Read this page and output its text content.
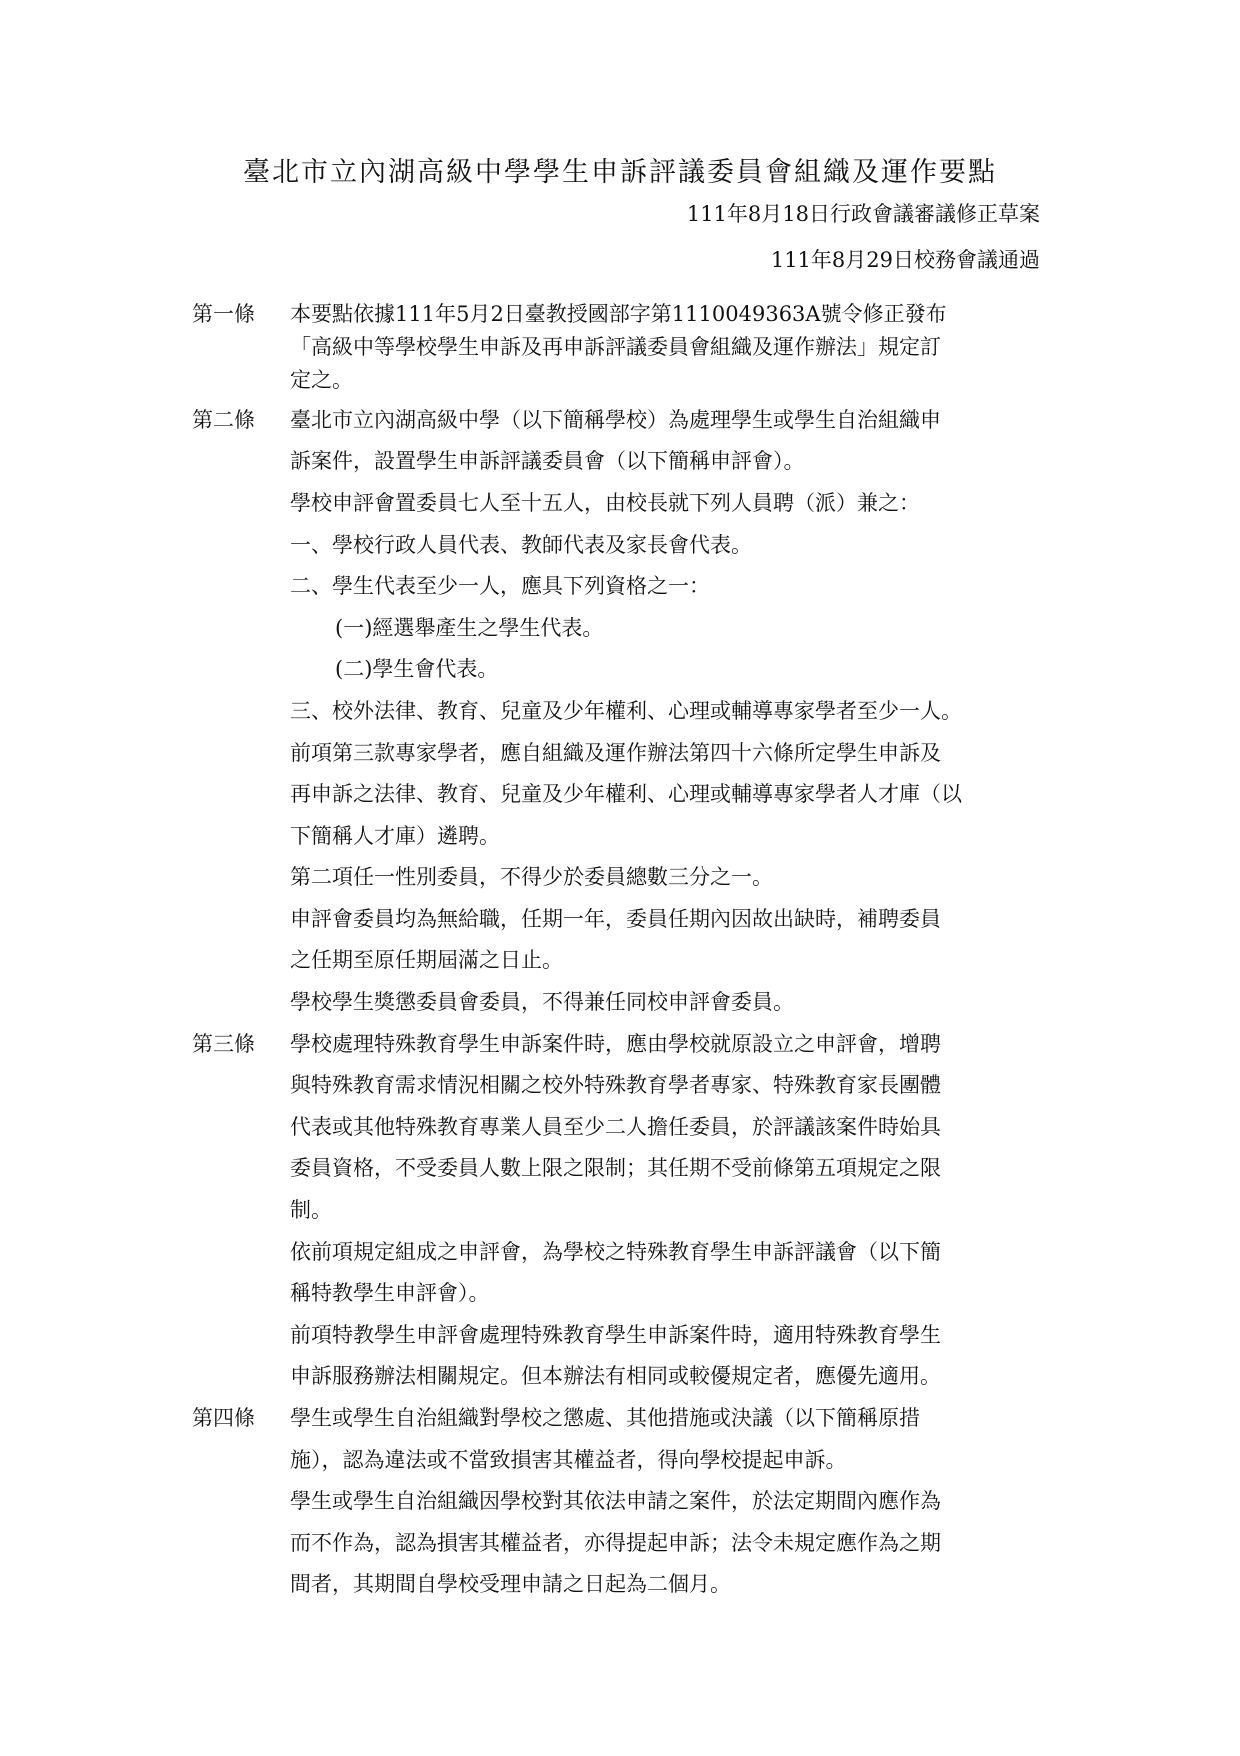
臺北市立內湖高級中學學生申訴評議委員會組織及運作要點
111年8月18日行政會議審議修正草案
111年8月29日校務會議通過
第一條 本要點依據111年5月2日臺教授國部字第1110049363A號令修正發布
「高級中等學校學生申訴及再申訴評議委員會組織及運作辦法」規定訂
定之。
第二條 臺北市立內湖高級中學（以下簡稱學校）為處理學生或學生自治組織申
訴案件，設置學生申訴評議委員會（以下簡稱申評會）。
學校申評會置委員七人至十五人，由校長就下列人員聘（派）兼之：
一、學校行政人員代表、教師代表及家長會代表。
二、學生代表至少一人，應具下列資格之一：
(一)經選舉產生之學生代表。
(二)學生會代表。
三、校外法律、教育、兒童及少年權利、心理或輔導專家學者至少一人。
前項第三款專家學者，應自組織及運作辦法第四十六條所定學生申訴及
再申訴之法律、教育、兒童及少年權利、心理或輔導專家學者人才庫（以
下簡稱人才庫）遴聘。
第二項任一性別委員，不得少於委員總數三分之一。
申評會委員均為無給職，任期一年，委員任期內因故出缺時，補聘委員
之任期至原任期屆滿之日止。
學校學生獎懲委員會委員，不得兼任同校申評會委員。
第三條 學校處理特殊教育學生申訴案件時，應由學校就原設立之申評會，增聘
與特殊教育需求情況相關之校外特殊教育學者專家、特殊教育家長團體
代表或其他特殊教育專業人員至少二人擔任委員，於評議該案件時始具
委員資格，不受委員人數上限之限制；其任期不受前條第五項規定之限
制。
依前項規定組成之申評會，為學校之特殊教育學生申訴評議會（以下簡
稱特教學生申評會）。
前項特教學生申評會處理特殊教育學生申訴案件時，適用特殊教育學生
申訴服務辦法相關規定。但本辦法有相同或較優規定者，應優先適用。
第四條 學生或學生自治組織對學校之懲處、其他措施或決議（以下簡稱原措
施），認為違法或不當致損害其權益者，得向學校提起申訴。
學生或學生自治組織因學校對其依法申請之案件，於法定期間內應作為
而不作為，認為損害其權益者，亦得提起申訴；法令未規定應作為之期
間者，其期間自學校受理申請之日起為二個月。
